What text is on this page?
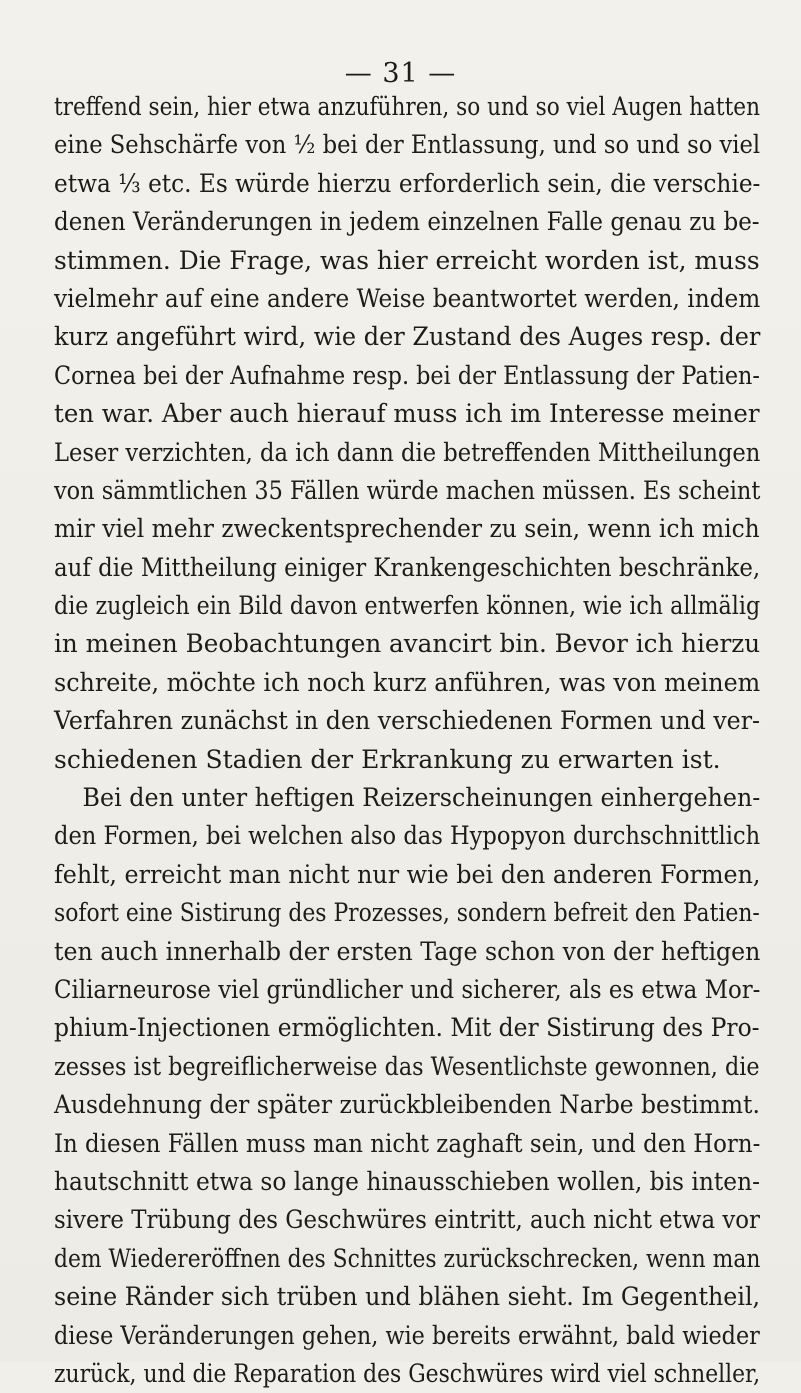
— 31 —
treffend sein, hier etwa anzuführen, so und so viel Augen hatten
eine Sehschärfe von ½ bei der Entlassung, und so und so viel
etwa ⅓ etc. Es würde hierzu erforderlich sein, die verschie-
denen Veränderungen in jedem einzelnen Falle genau zu be-
stimmen. Die Frage, was hier erreicht worden ist, muss
vielmehr auf eine andere Weise beantwortet werden, indem
kurz angeführt wird, wie der Zustand des Auges resp. der
Cornea bei der Aufnahme resp. bei der Entlassung der Patien-
ten war. Aber auch hierauf muss ich im Interesse meiner
Leser verzichten, da ich dann die betreffenden Mittheilungen
von sämmtlichen 35 Fällen würde machen müssen. Es scheint
mir viel mehr zweckentsprechender zu sein, wenn ich mich
auf die Mittheilung einiger Krankengeschichten beschränke,
die zugleich ein Bild davon entwerfen können, wie ich allmälig
in meinen Beobachtungen avancirt bin. Bevor ich hierzu
schreite, möchte ich noch kurz anführen, was von meinem
Verfahren zunächst in den verschiedenen Formen und ver-
schiedenen Stadien der Erkrankung zu erwarten ist.
Bei den unter heftigen Reizerscheinungen einhergehen-
den Formen, bei welchen also das Hypopyon durchschnittlich
fehlt, erreicht man nicht nur wie bei den anderen Formen,
sofort eine Sistirung des Prozesses, sondern befreit den Patien-
ten auch innerhalb der ersten Tage schon von der heftigen
Ciliarneurose viel gründlicher und sicherer, als es etwa Mor-
phium-Injectionen ermöglichten. Mit der Sistirung des Pro-
zesses ist begreiflicherweise das Wesentlichste gewonnen, die
Ausdehnung der später zurückbleibenden Narbe bestimmt.
In diesen Fällen muss man nicht zaghaft sein, und den Horn-
hautschnitt etwa so lange hinausschieben wollen, bis inten-
sivere Trübung des Geschwüres eintritt, auch nicht etwa vor
dem Wiedereröffnen des Schnittes zurückschrecken, wenn man
seine Ränder sich trüben und blähen sieht. Im Gegentheil,
diese Veränderungen gehen, wie bereits erwähnt, bald wieder
zurück, und die Reparation des Geschwüres wird viel schneller,
